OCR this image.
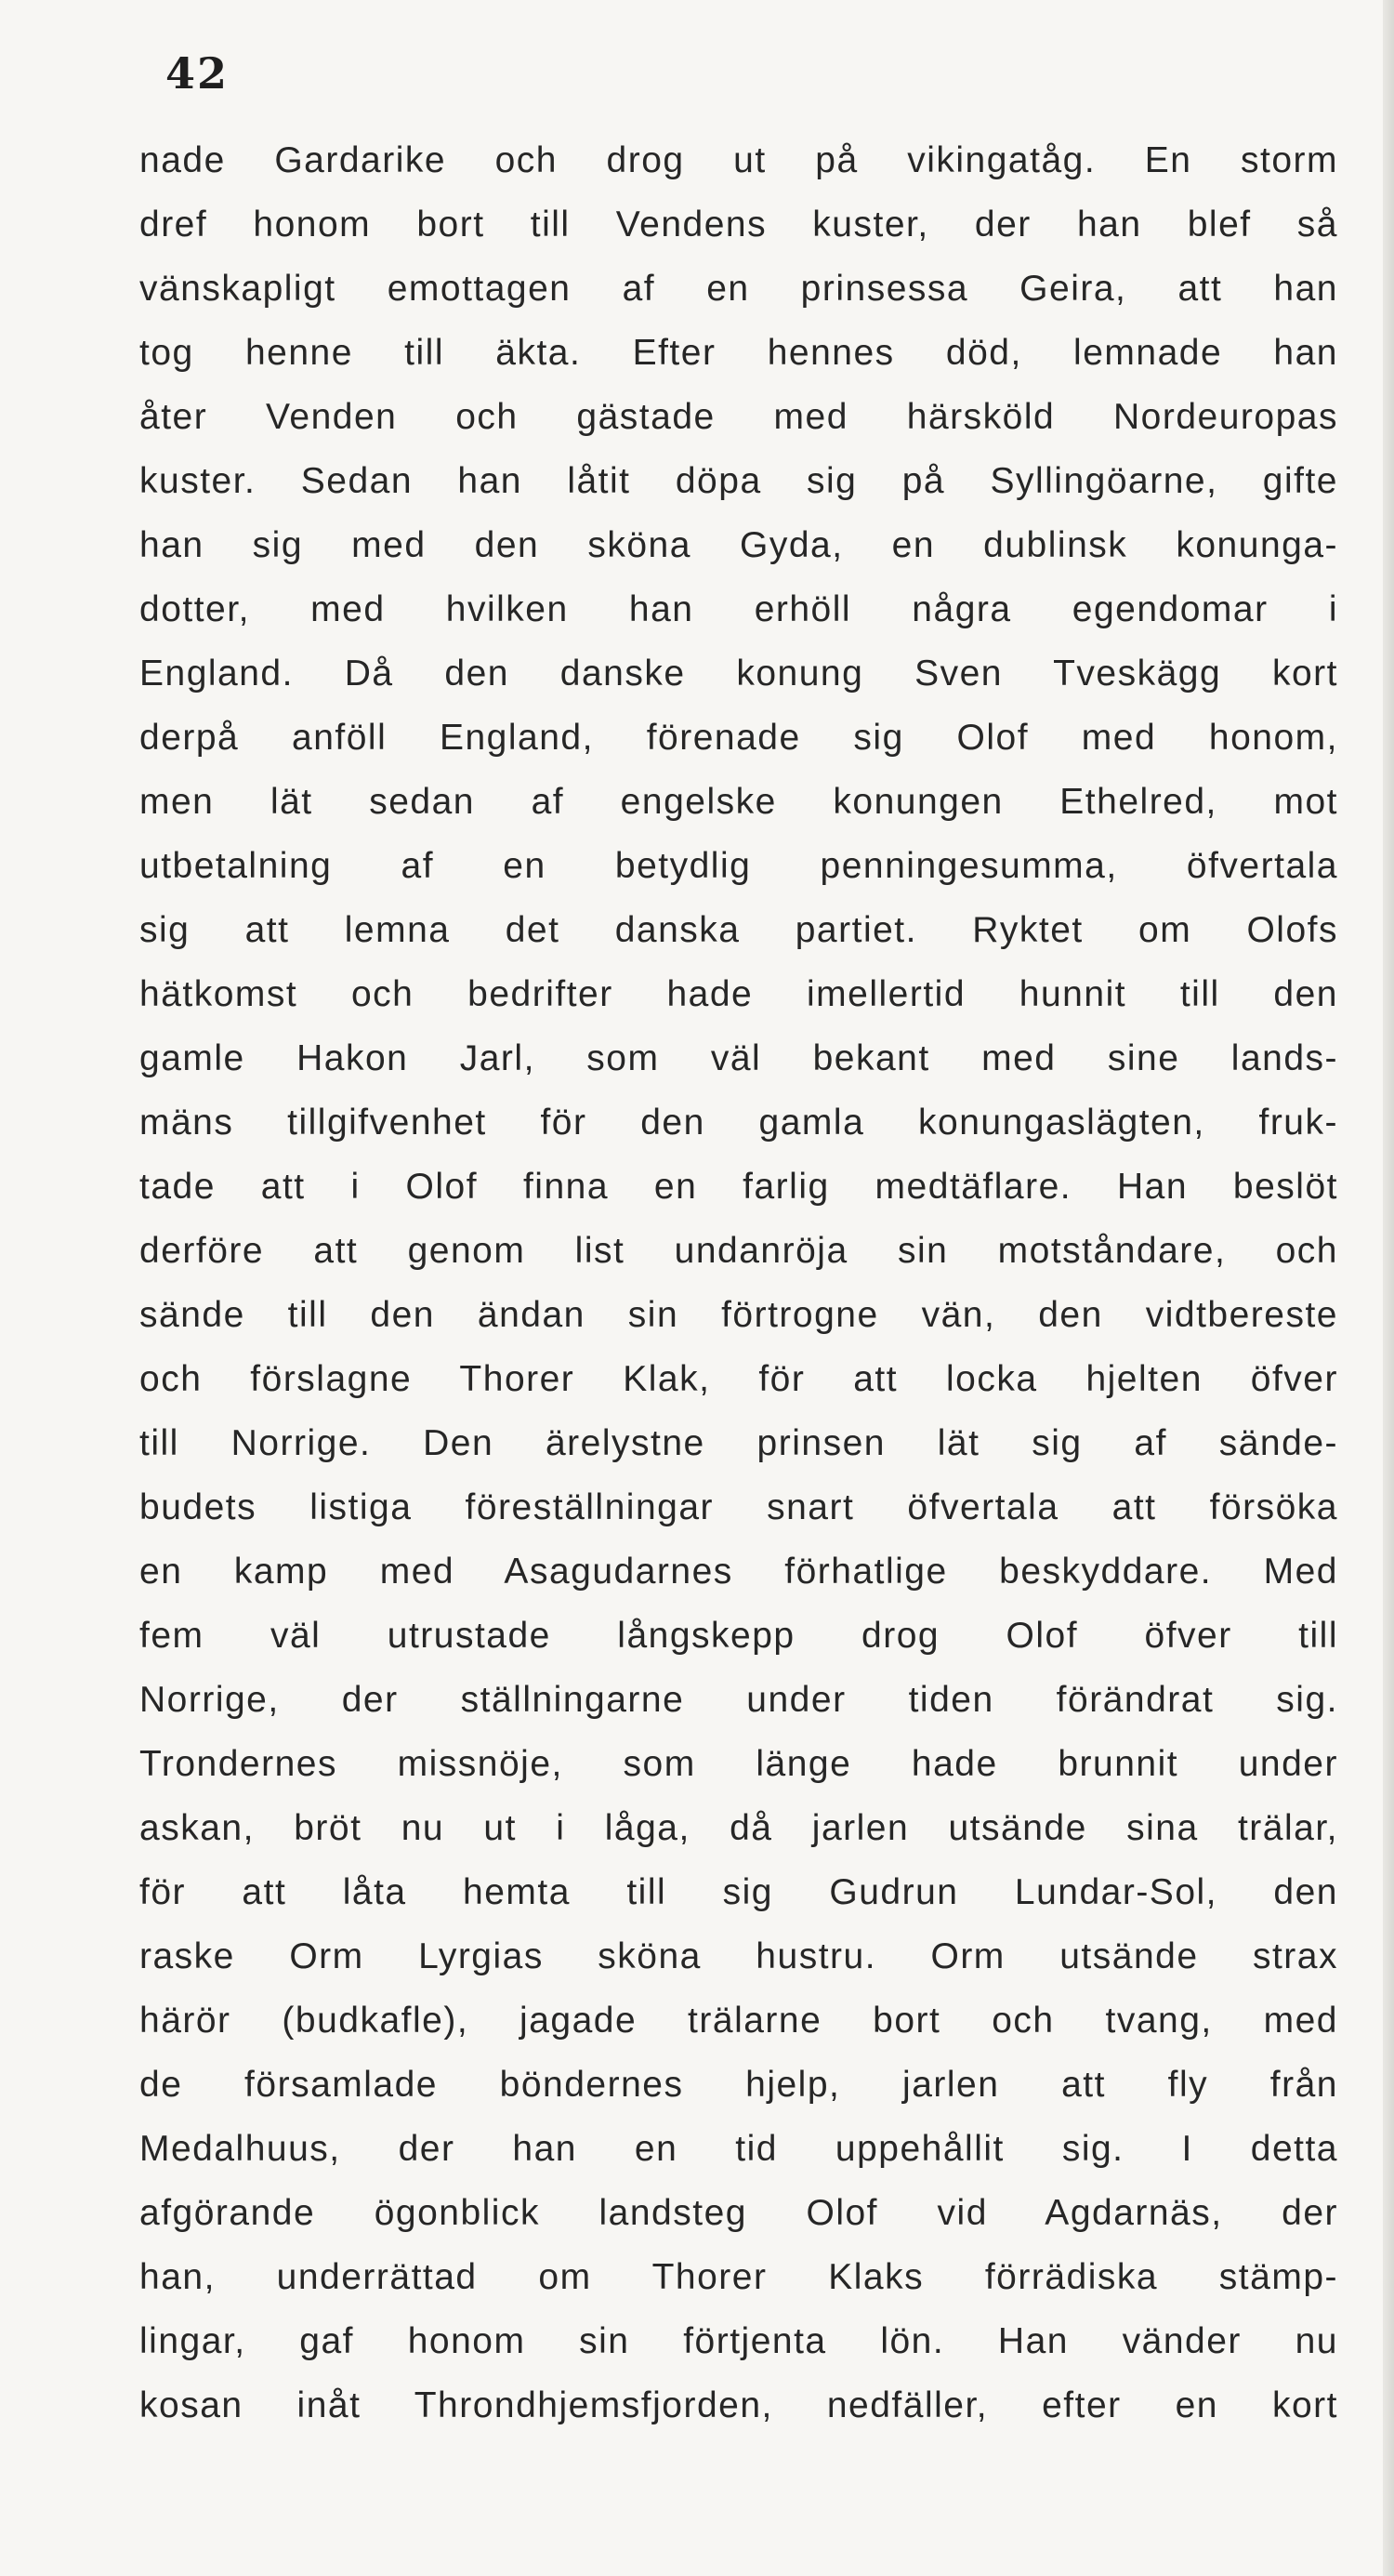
42
nade Gardarike och drog ut på vikingatåg. En storm
dref honom bort till Vendens kuster, der han blef så
vänskapligt emottagen af en prinsessa Geira, att han
tog henne till äkta. Efter hennes död, lemnade han
åter Venden och gästade med härsköld Nordeuropas
kuster. Sedan han låtit döpa sig på Syllingöarne, gifte
han sig med den sköna Gyda, en dublinsk konunga-
dotter, med hvilken han erhöll några egendomar i
England. Då den danske konung Sven Tveskägg kort
derpå anföll England, förenade sig Olof med honom,
men lät sedan af engelske konungen Ethelred, mot
utbetalning af en betydlig penningesumma, öfvertala
sig att lemna det danska partiet. Ryktet om Olofs
hätkomst och bedrifter hade imellertid hunnit till den
gamle Hakon Jarl, som väl bekant med sine lands-
mäns tillgifvenhet för den gamla konungaslägten, fruk-
tade att i Olof finna en farlig medtäflare. Han beslöt
derföre att genom list undanröja sin motståndare, och
sände till den ändan sin förtrogne vän, den vidtbereste
och förslagne Thorer Klak, för att locka hjelten öfver
till Norrige. Den ärelystne prinsen lät sig af sände-
budets listiga föreställningar snart öfvertala att försöka
en kamp med Asagudarnes förhatlige beskyddare. Med
fem väl utrustade långskepp drog Olof öfver till
Norrige, der ställningarne under tiden förändrat sig.
Trondernes missnöje, som länge hade brunnit under
askan, bröt nu ut i låga, då jarlen utsände sina trälar,
för att låta hemta till sig Gudrun Lundar-Sol, den
raske Orm Lyrgias sköna hustru. Orm utsände strax
härör (budkafle), jagade trälarne bort och tvang, med
de församlade böndernes hjelp, jarlen att fly från
Medalhuus, der han en tid uppehållit sig. I detta
afgörande ögonblick landsteg Olof vid Agdarnäs, der
han, underrättad om Thorer Klaks förrädiska stämp-
lingar, gaf honom sin förtjenta lön. Han vänder nu
kosan inåt Throndhjemsfjorden, nedfäller, efter en kort
